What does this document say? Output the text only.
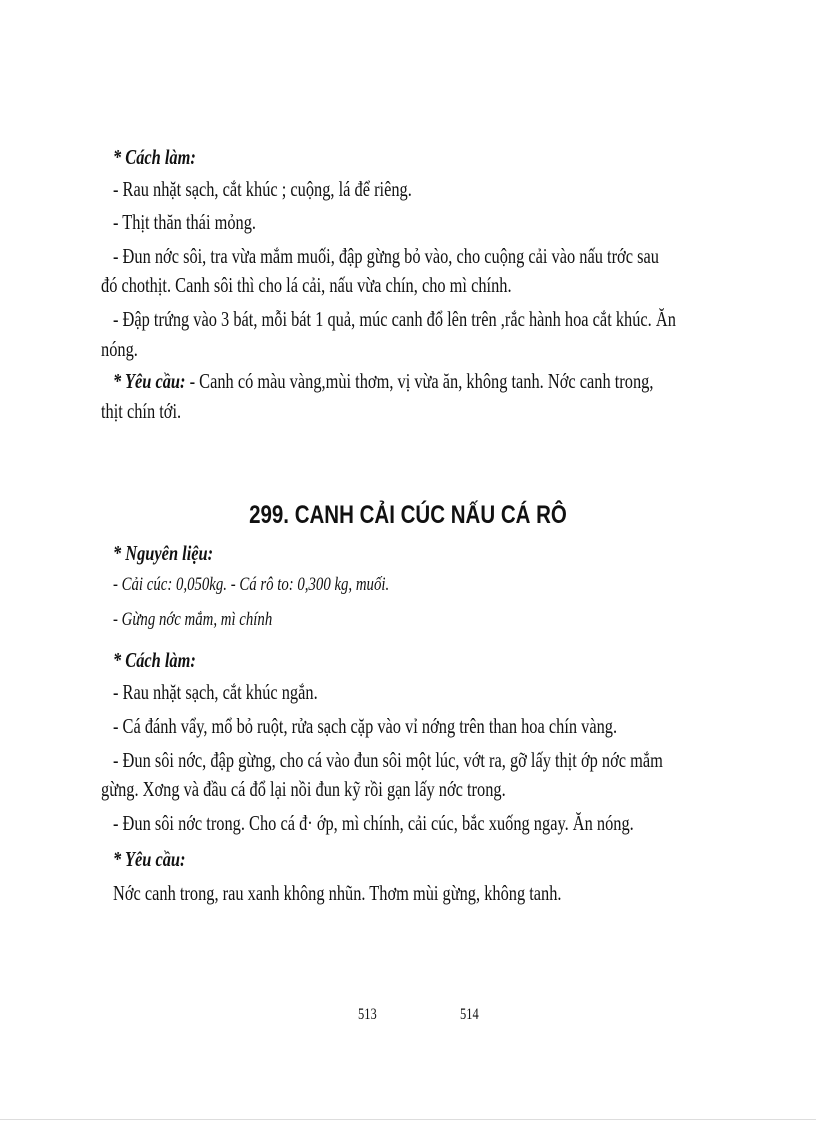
* Cách làm:
- Rau nhặt sạch, cắt khúc ; cuộng, lá để riêng.
- Thịt thăn thái mỏng.
- Đun nớc sôi, tra vừa mắm muối, đập gừng bỏ vào, cho cuộng cải vào nấu trớc sau
đó chothịt. Canh sôi thì cho lá cải, nấu vừa chín, cho mì chính.
- Đập trứng vào 3 bát, mỗi bát 1 quả, múc canh đổ lên trên ,rắc hành hoa cắt khúc. Ăn
nóng.
* Yêu cầu: - Canh có màu vàng,mùi thơm, vị vừa ăn, không tanh. Nớc canh trong,
thịt chín tới.
299. CANH CẢI CÚC NẤU CÁ RÔ
* Nguyên liệu:
- Cải cúc: 0,050kg. - Cá rô to: 0,300 kg, muối.
- Gừng nớc mắm, mì chính
* Cách làm:
- Rau nhặt sạch, cắt khúc ngắn.
- Cá đánh vẩy, mổ bỏ ruột, rửa sạch cặp vào vỉ nớng trên than hoa chín vàng.
- Đun sôi nớc, đập gừng, cho cá vào đun sôi một lúc, vớt ra, gỡ lấy thịt ớp nớc mắm
gừng. Xơng và đầu cá đổ lại nồi đun kỹ rồi gạn lấy nớc trong.
- Đun sôi nớc trong. Cho cá đ· ớp, mì chính, cải cúc, bắc xuống ngay. Ăn nóng.
* Yêu cầu:
Nớc canh trong, rau xanh không nhũn. Thơm mùi gừng, không tanh.
513	514
